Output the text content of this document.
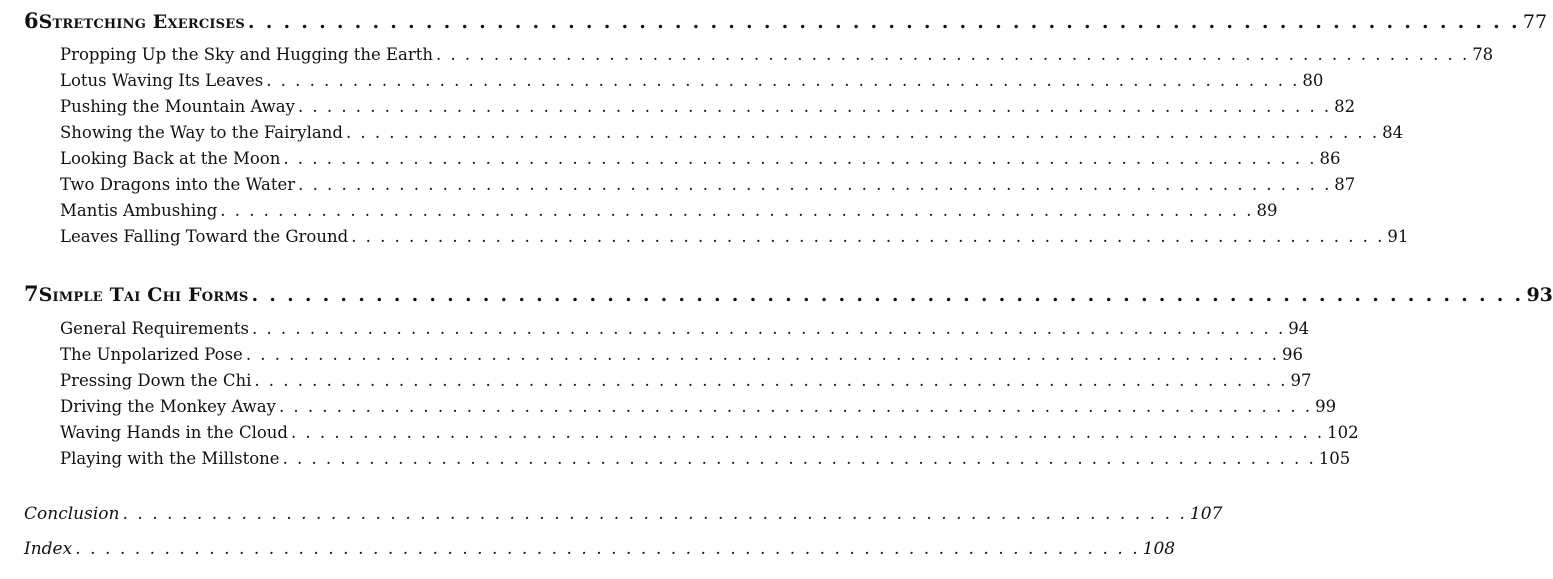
6 Stretching Exercises . . . . . . . . . . . . . . . . . . . . . . . . . . . . . . . . . . . . . . . . . . . . . . . . . . . . . . . . . . . . . . . . . . . . . . . . 77
Propping Up the Sky and Hugging the Earth . . . . . . . . . . . . . . . . . . . . . . . . . . . . . . . . . . . . . . . . . . . . . . . . . . . . . . . . . . . . . . . . . . . . . . . . 78
Lotus Waving Its Leaves . . . . . . . . . . . . . . . . . . . . . . . . . . . . . . . . . . . . . . . . . . . . . . . . . . . . . . . . . . . . . . . . . . . . . . . . 80
Pushing the Mountain Away . . . . . . . . . . . . . . . . . . . . . . . . . . . . . . . . . . . . . . . . . . . . . . . . . . . . . . . . . . . . . . . . . . . . . . . . 82
Showing the Way to the Fairyland . . . . . . . . . . . . . . . . . . . . . . . . . . . . . . . . . . . . . . . . . . . . . . . . . . . . . . . . . . . . . . . . . . . . . . . . 84
Looking Back at the Moon . . . . . . . . . . . . . . . . . . . . . . . . . . . . . . . . . . . . . . . . . . . . . . . . . . . . . . . . . . . . . . . . . . . . . . . . 86
Two Dragons into the Water . . . . . . . . . . . . . . . . . . . . . . . . . . . . . . . . . . . . . . . . . . . . . . . . . . . . . . . . . . . . . . . . . . . . . . . . 87
Mantis Ambushing . . . . . . . . . . . . . . . . . . . . . . . . . . . . . . . . . . . . . . . . . . . . . . . . . . . . . . . . . . . . . . . . . . . . . . . . 89
Leaves Falling Toward the Ground . . . . . . . . . . . . . . . . . . . . . . . . . . . . . . . . . . . . . . . . . . . . . . . . . . . . . . . . . . . . . . . . . . . . . . . . 91
7 Simple Tai Chi Forms . . . . . . . . . . . . . . . . . . . . . . . . . . . . . . . . . . . . . . . . . . . . . . . . . . . . . . . . . . . . . . . . . . . . . . . . 93
General Requirements . . . . . . . . . . . . . . . . . . . . . . . . . . . . . . . . . . . . . . . . . . . . . . . . . . . . . . . . . . . . . . . . . . . . . . . . 94
The Unpolarized Pose . . . . . . . . . . . . . . . . . . . . . . . . . . . . . . . . . . . . . . . . . . . . . . . . . . . . . . . . . . . . . . . . . . . . . . . . 96
Pressing Down the Chi . . . . . . . . . . . . . . . . . . . . . . . . . . . . . . . . . . . . . . . . . . . . . . . . . . . . . . . . . . . . . . . . . . . . . . . . 97
Driving the Monkey Away . . . . . . . . . . . . . . . . . . . . . . . . . . . . . . . . . . . . . . . . . . . . . . . . . . . . . . . . . . . . . . . . . . . . . . . . 99
Waving Hands in the Cloud . . . . . . . . . . . . . . . . . . . . . . . . . . . . . . . . . . . . . . . . . . . . . . . . . . . . . . . . . . . . . . . . . . . . . . . . 102
Playing with the Millstone . . . . . . . . . . . . . . . . . . . . . . . . . . . . . . . . . . . . . . . . . . . . . . . . . . . . . . . . . . . . . . . . . . . . . . . . 105
Conclusion . . . . . . . . . . . . . . . . . . . . . . . . . . . . . . . . . . . . . . . . . . . . . . . . . . . . . . . . . . . . . . . . . . . . . . . . 107
Index . . . . . . . . . . . . . . . . . . . . . . . . . . . . . . . . . . . . . . . . . . . . . . . . . . . . . . . . . . . . . . . . . . . . . . . . 108
